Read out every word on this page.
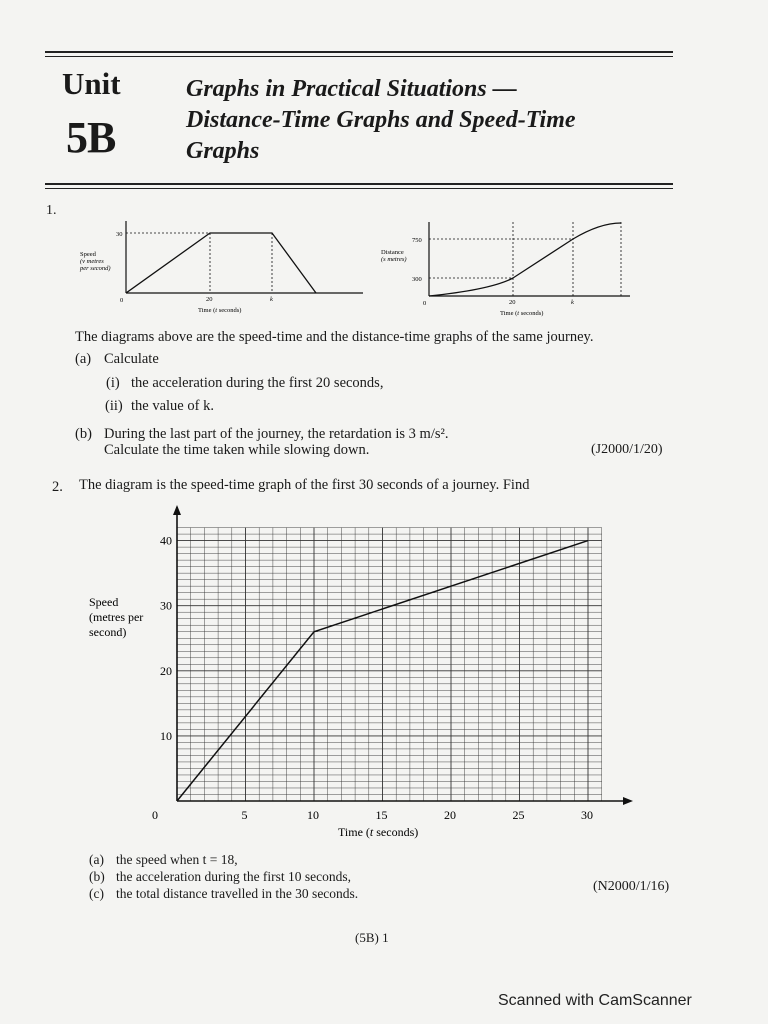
Unit
5B
Graphs in Practical Situations —
Distance-Time Graphs and Speed-Time
Graphs
1.
Speed
(v metres
per second)
30
0	20	k
Time (t seconds)
Distance
(s metres)
750
300
0	20	k
Time (t seconds)
The diagrams above are the speed-time and the distance-time graphs of the same journey.
(a) Calculate
(i) the acceleration during the first 20 seconds,
(ii) the value of k.
(b) During the last part of the journey, the retardation is 3 m/s².
Calculate the time taken while slowing down.	(J2000/1/20)
2. The diagram is the speed-time graph of the first 30 seconds of a journey. Find
0	5	10	15	20	25	30
10
20
30
40
Speed
(metres per
second)
Time (t seconds)
(a) the speed when t = 18,
(b) the acceleration during the first 10 seconds,
(c) the total distance travelled in the 30 seconds.	(N2000/1/16)
(5B) 1
Scanned with CamScanner
